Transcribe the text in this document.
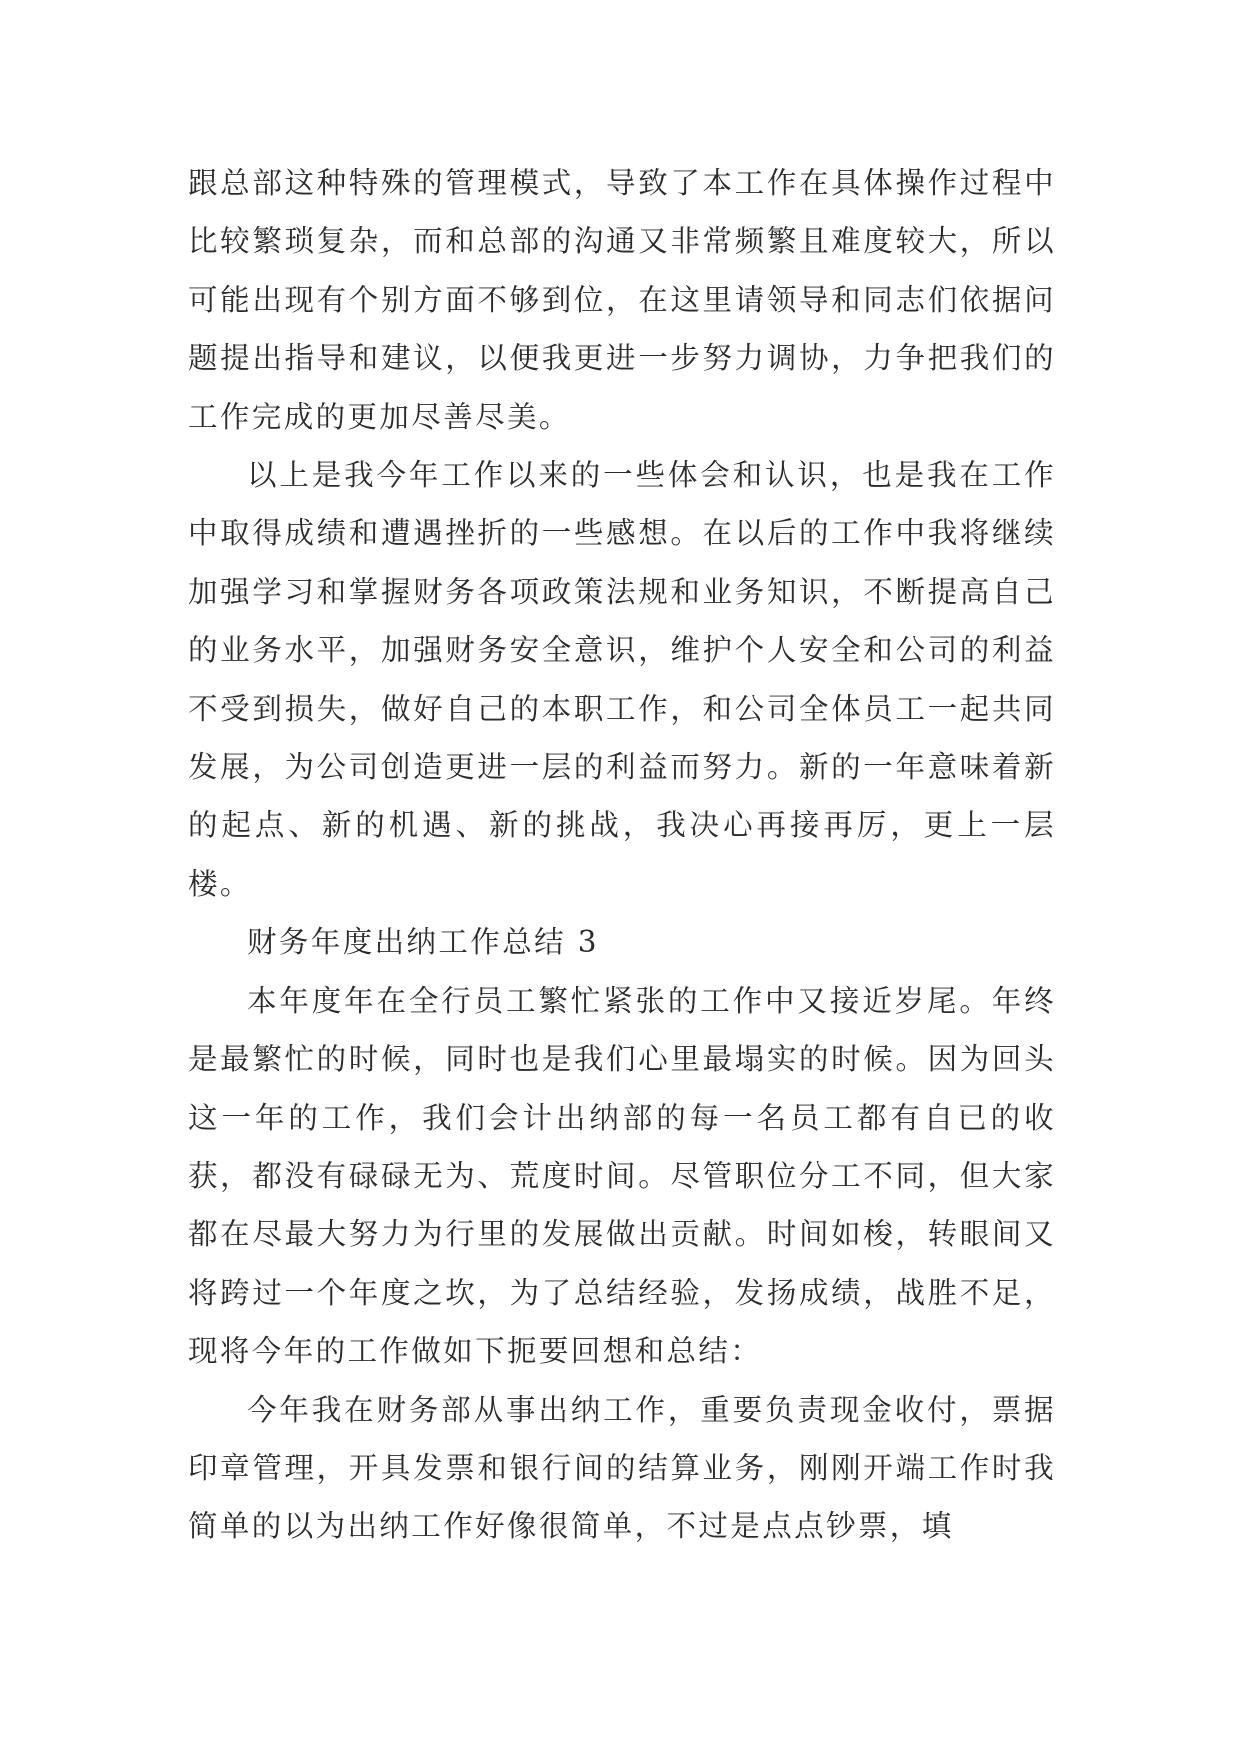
跟总部这种特殊的管理模式，导致了本工作在具体操作过程中比较繁琐复杂，而和总部的沟通又非常频繁且难度较大，所以可能出现有个别方面不够到位，在这里请领导和同志们依据问题提出指导和建议，以便我更进一步努力调协，力争把我们的工作完成的更加尽善尽美。

以上是我今年工作以来的一些体会和认识，也是我在工作中取得成绩和遭遇挫折的一些感想。在以后的工作中我将继续加强学习和掌握财务各项政策法规和业务知识，不断提高自己的业务水平，加强财务安全意识，维护个人安全和公司的利益不受到损失，做好自己的本职工作，和公司全体员工一起共同发展，为公司创造更进一层的利益而努力。新的一年意味着新的起点、新的机遇、新的挑战，我决心再接再厉，更上一层楼。

财务年度出纳工作总结 3

本年度年在全行员工繁忙紧张的工作中又接近岁尾。年终是最繁忙的时候，同时也是我们心里最塌实的时候。因为回头这一年的工作，我们会计出纳部的每一名员工都有自已的收获，都没有碌碌无为、荒度时间。尽管职位分工不同，但大家都在尽最大努力为行里的发展做出贡献。时间如梭，转眼间又将跨过一个年度之坎，为了总结经验，发扬成绩，战胜不足，现将今年的工作做如下扼要回想和总结：

今年我在财务部从事出纳工作，重要负责现金收付，票据印章管理，开具发票和银行间的结算业务，刚刚开端工作时我简单的以为出纳工作好像很简单，不过是点点钞票，填
